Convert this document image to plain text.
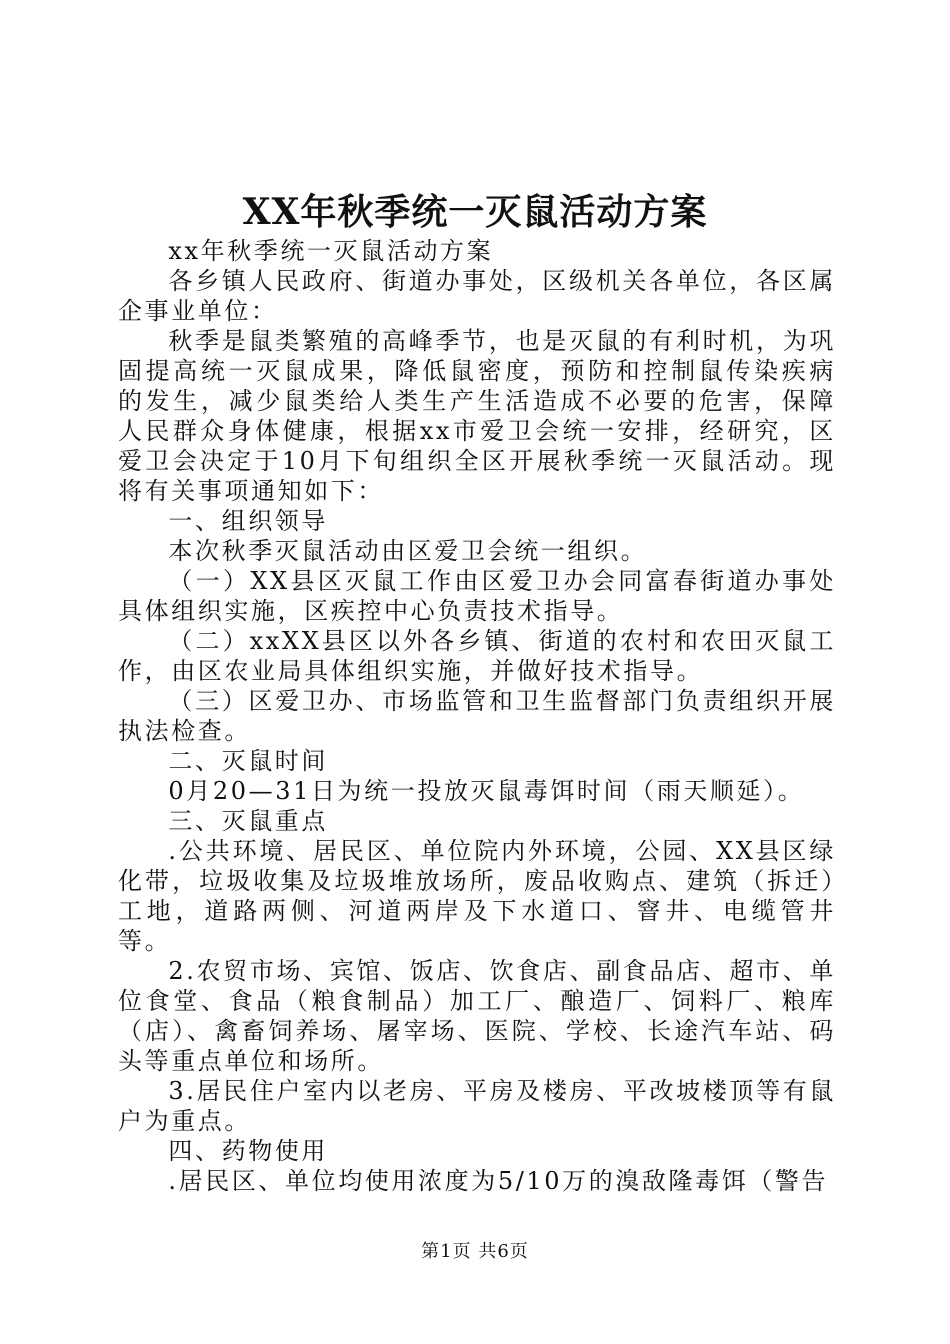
XX年秋季统一灭鼠活动方案

xx年秋季统一灭鼠活动方案

各乡镇人民政府、街道办事处，区级机关各单位，各区属企事业单位：

秋季是鼠类繁殖的高峰季节，也是灭鼠的有利时机，为巩固提高统一灭鼠成果，降低鼠密度，预防和控制鼠传染疾病的发生，减少鼠类给人类生产生活造成不必要的危害，保障人民群众身体健康，根据xx市爱卫会统一安排，经研究，区爱卫会决定于10月下旬组织全区开展秋季统一灭鼠活动。现将有关事项通知如下：

一、组织领导

本次秋季灭鼠活动由区爱卫会统一组织。

（一）XX县区灭鼠工作由区爱卫办会同富春街道办事处具体组织实施，区疾控中心负责技术指导。

（二）xxXX县区以外各乡镇、街道的农村和农田灭鼠工作，由区农业局具体组织实施，并做好技术指导。

（三）区爱卫办、市场监管和卫生监督部门负责组织开展执法检查。

二、灭鼠时间

0月20—31日为统一投放灭鼠毒饵时间（雨天顺延）。

三、灭鼠重点

.公共环境、居民区、单位院内外环境，公园、XX县区绿化带，垃圾收集及垃圾堆放场所，废品收购点、建筑（拆迁）工地，道路两侧、河道两岸及下水道口、窨井、电缆管井等。

2.农贸市场、宾馆、饭店、饮食店、副食品店、超市、单位食堂、食品（粮食制品）加工厂、酿造厂、饲料厂、粮库（店）、禽畜饲养场、屠宰场、医院、学校、长途汽车站、码头等重点单位和场所。

3.居民住户室内以老房、平房及楼房、平改坡楼顶等有鼠户为重点。

四、药物使用

.居民区、单位均使用浓度为5/10万的溴敌隆毒饵（警告

第1页 共6页
